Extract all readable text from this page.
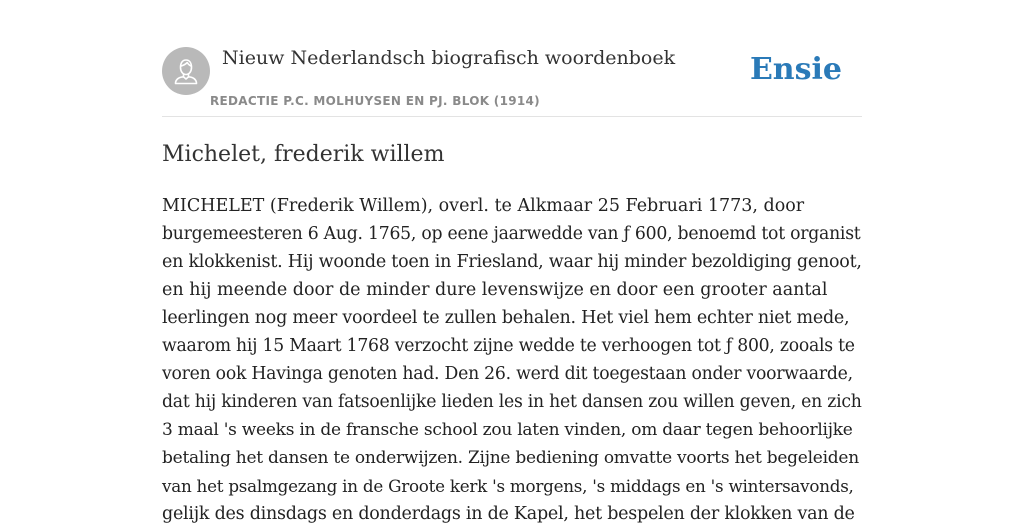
Nieuw Nederlandsch biografisch woordenboek
REDACTIE P.C. MOLHUYSEN EN PJ. BLOK (1914)
Ensie
Michelet, frederik willem
MICHELET (Frederik Willem), overl. te Alkmaar 25 Februari 1773, door
burgemeesteren 6 Aug. 1765, op eene jaarwedde van ƒ 600, benoemd tot organist
en klokkenist. Hij woonde toen in Friesland, waar hij minder bezoldiging genoot,
en hij meende door de minder dure levenswijze en door een grooter aantal
leerlingen nog meer voordeel te zullen behalen. Het viel hem echter niet mede,
waarom hij 15 Maart 1768 verzocht zijne wedde te verhoogen tot ƒ 800, zooals te
voren ook Havinga genoten had. Den 26. werd dit toegestaan onder voorwaarde,
dat hij kinderen van fatsoenlijke lieden les in het dansen zou willen geven, en zich
3 maal 's weeks in de fransche school zou laten vinden, om daar tegen behoorlijke
betaling het dansen te onderwijzen. Zijne bediening omvatte voorts het begeleiden
van het psalmgezang in de Groote kerk 's morgens, 's middags en 's wintersavonds,
gelijk des dinsdags en donderdags in de Kapel, het bespelen der klokken van de
